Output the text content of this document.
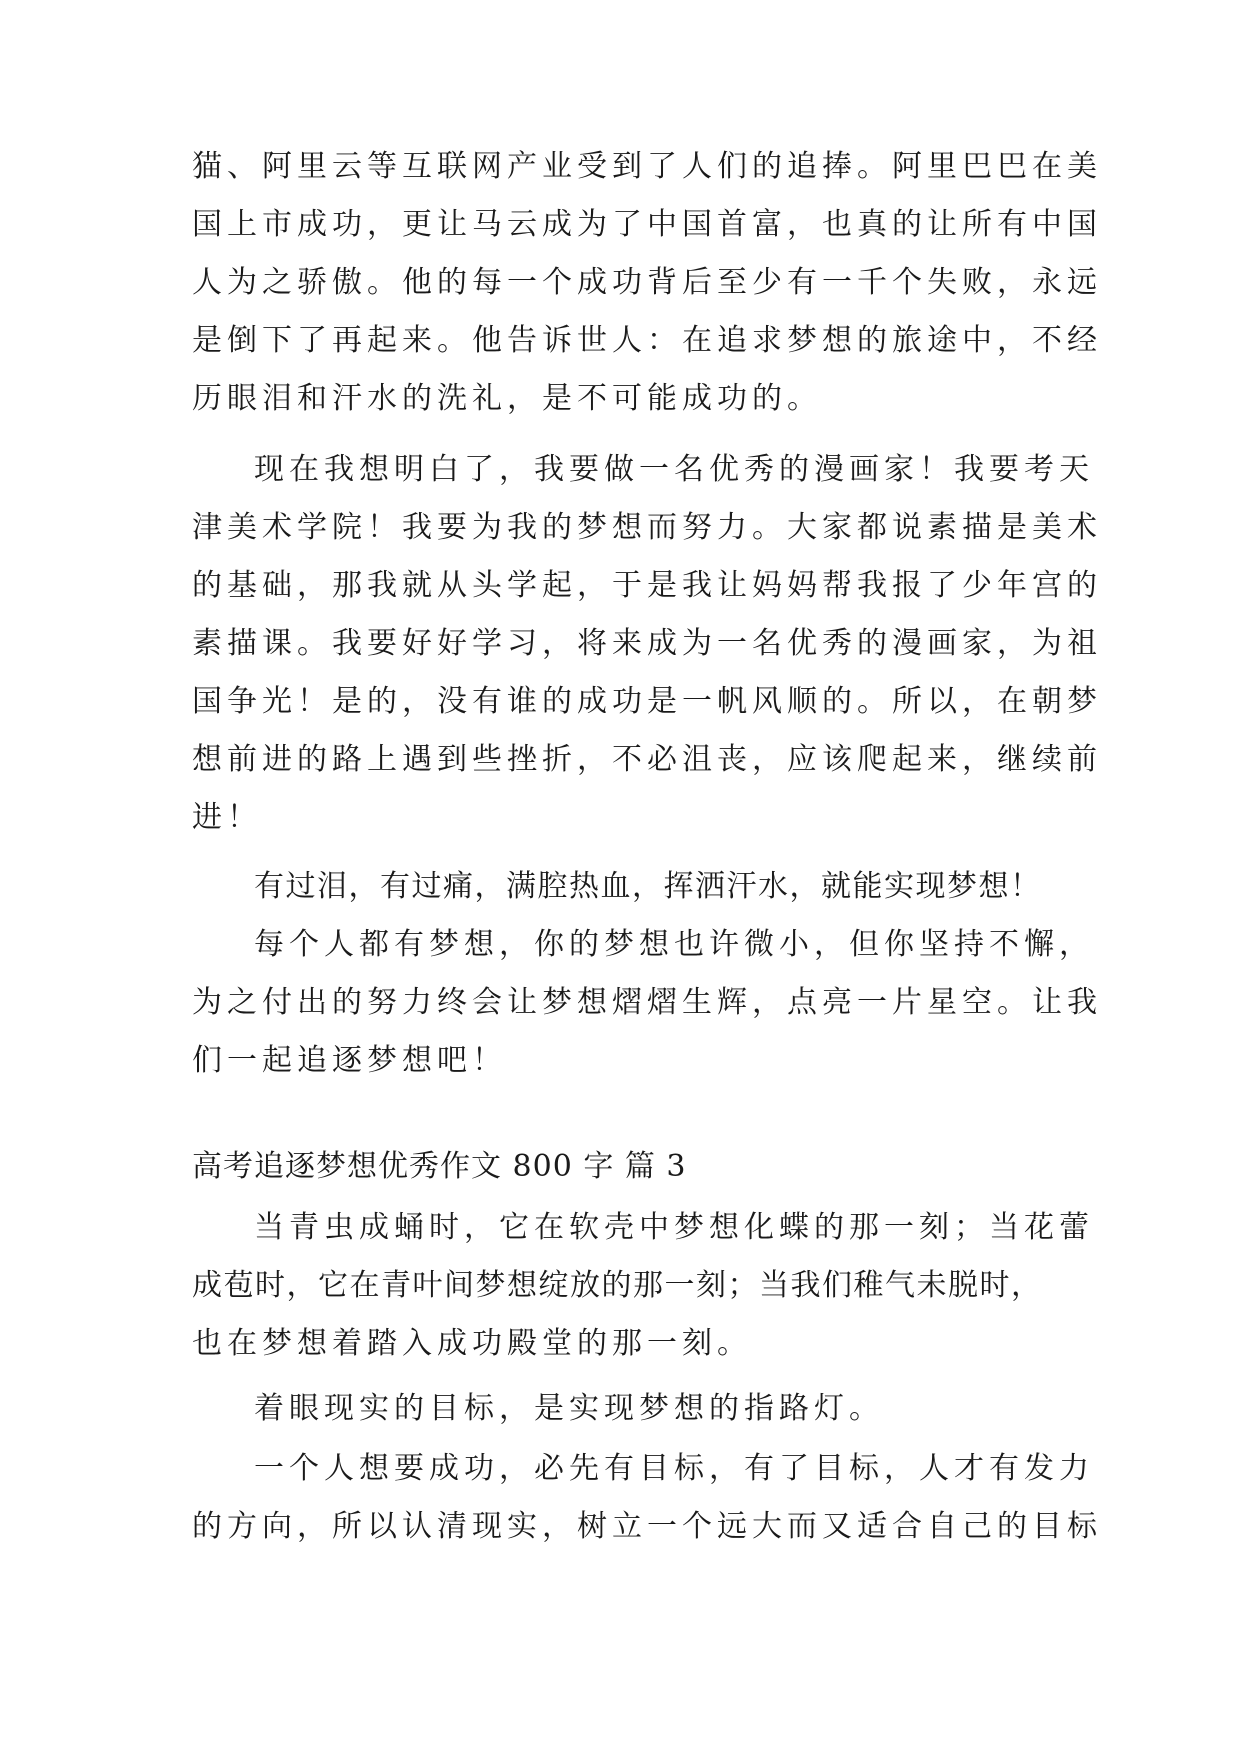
猫、阿里云等互联网产业受到了人们的追捧。阿里巴巴在美
国上市成功，更让马云成为了中国首富，也真的让所有中国
人为之骄傲。他的每一个成功背后至少有一千个失败，永远
是倒下了再起来。他告诉世人：在追求梦想的旅途中，不经
历眼泪和汗水的洗礼，是不可能成功的。
现在我想明白了，我要做一名优秀的漫画家！我要考天
津美术学院！我要为我的梦想而努力。大家都说素描是美术
的基础，那我就从头学起，于是我让妈妈帮我报了少年宫的
素描课。我要好好学习，将来成为一名优秀的漫画家，为祖
国争光！是的，没有谁的成功是一帆风顺的。所以，在朝梦
想前进的路上遇到些挫折，不必沮丧，应该爬起来，继续前
进！
有过泪，有过痛，满腔热血，挥洒汗水，就能实现梦想！
每个人都有梦想，你的梦想也许微小，但你坚持不懈，
为之付出的努力终会让梦想熠熠生辉，点亮一片星空。让我
们一起追逐梦想吧！
高考追逐梦想优秀作文 800 字 篇 3
当青虫成蛹时，它在软壳中梦想化蝶的那一刻；当花蕾
成苞时，它在青叶间梦想绽放的那一刻；当我们稚气未脱时，
也在梦想着踏入成功殿堂的那一刻。
着眼现实的目标，是实现梦想的指路灯。
一个人想要成功，必先有目标，有了目标，人才有发力
的方向，所以认清现实，树立一个远大而又适合自己的目标
